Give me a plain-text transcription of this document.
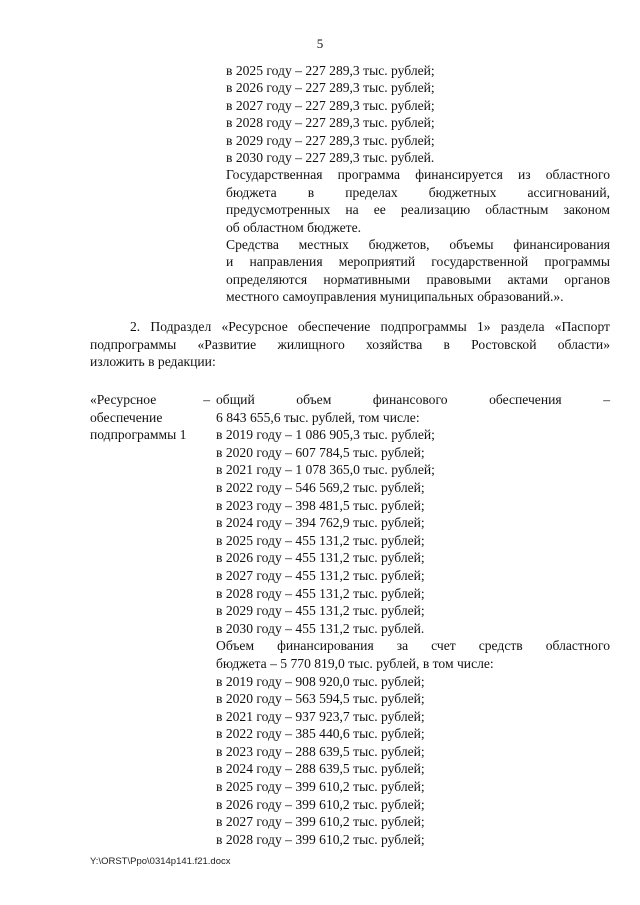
5
в 2025 году – 227 289,3 тыс. рублей;
в 2026 году – 227 289,3 тыс. рублей;
в 2027 году – 227 289,3 тыс. рублей;
в 2028 году – 227 289,3 тыс. рублей;
в 2029 году – 227 289,3 тыс. рублей;
в 2030 году – 227 289,3 тыс. рублей.
Государственная программа финансируется из областного
бюджета в пределах бюджетных ассигнований,
предусмотренных на ее реализацию областным законом
об областном бюджете.
Средства местных бюджетов, объемы финансирования
и направления мероприятий государственной программы
определяются нормативными правовыми актами органов
местного самоуправления муниципальных образований.».
2. Подраздел «Ресурсное обеспечение подпрограммы 1» раздела «Паспорт
подпрограммы «Развитие жилищного хозяйства в Ростовской области»
изложить в редакции:
«Ресурсное	–
обеспечение
подпрограммы 1
общий объем финансового обеспечения –
6 843 655,6 тыс. рублей, том числе:
в 2019 году – 1 086 905,3 тыс. рублей;
в 2020 году – 607 784,5 тыс. рублей;
в 2021 году – 1 078 365,0 тыс. рублей;
в 2022 году – 546 569,2 тыс. рублей;
в 2023 году – 398 481,5 тыс. рублей;
в 2024 году – 394 762,9 тыс. рублей;
в 2025 году – 455 131,2 тыс. рублей;
в 2026 году – 455 131,2 тыс. рублей;
в 2027 году – 455 131,2 тыс. рублей;
в 2028 году – 455 131,2 тыс. рублей;
в 2029 году – 455 131,2 тыс. рублей;
в 2030 году – 455 131,2 тыс. рублей.
Объем финансирования за счет средств областного
бюджета – 5 770 819,0 тыс. рублей, в том числе:
в 2019 году – 908 920,0 тыс. рублей;
в 2020 году – 563 594,5 тыс. рублей;
в 2021 году – 937 923,7 тыс. рублей;
в 2022 году – 385 440,6 тыс. рублей;
в 2023 году – 288 639,5 тыс. рублей;
в 2024 году – 288 639,5 тыс. рублей;
в 2025 году – 399 610,2 тыс. рублей;
в 2026 году – 399 610,2 тыс. рублей;
в 2027 году – 399 610,2 тыс. рублей;
в 2028 году – 399 610,2 тыс. рублей;
Y:\ORST\Ppo\0314p141.f21.docx
